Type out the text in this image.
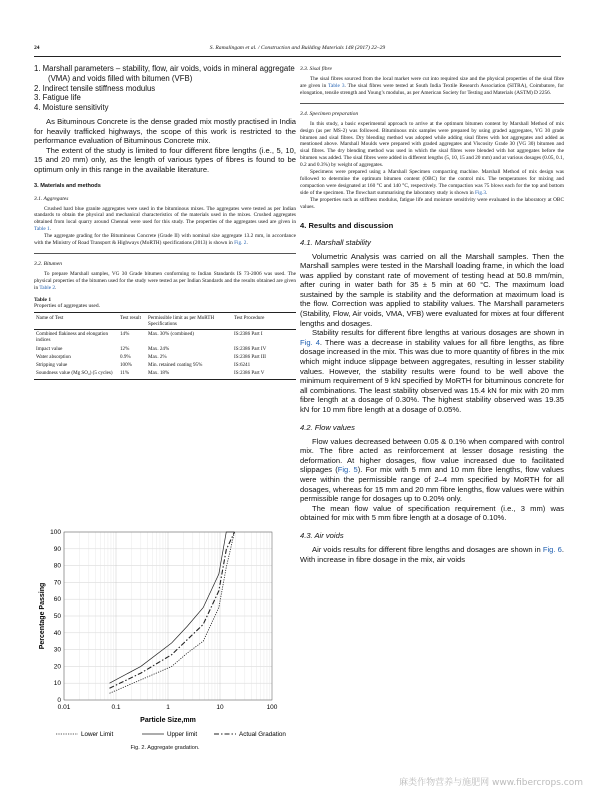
24	S. Ramalingam et al. / Construction and Building Materials 148 (2017) 22–29
1. Marshall parameters – stability, flow, air voids, voids in mineral aggregate (VMA) and voids filled with bitumen (VFB)
2. Indirect tensile stiffness modulus
3. Fatigue life
4. Moisture sensitivity

As Bituminous Concrete is the dense graded mix mostly practised in India for heavily trafficked highways, the scope of this work is restricted to the performance evaluation of Bituminous Concrete mix.

The extent of the study is limited to four different fibre lengths (i.e., 5, 10, 15 and 20 mm) only, as the length of various types of fibres is found to be optimum only in this range in the available literature.

3. Materials and methods
3.1. Aggregates

Crushed hard blue granite aggregates were used in the bituminous mixes. The aggregates were tested as per Indian standards to obtain the physical and mechanical characteristics of the materials used in the mixes. Crushed aggregates obtained from local quarry around Chennai were used for this study. The properties of the aggregates used are given in Table 1.

The aggregate grading for the Bituminous Concrete (Grade II) with nominal size aggregate 13.2 mm, in accordance with the Ministry of Road Transport & Highways (MoRTH) specifications (2013) is shown in Fig. 2.

3.2. Bitumen

To prepare Marshall samples, VG 30 Grade bitumen conforming to Indian Standards IS 73-2006 was used. The physical properties of the bitumen used for the study were tested as per Indian Standards and the results obtained are given in Table 2.

Table 1
Properties of aggregates used.
Name of Test	Test result	Permissible limit as per MoRTH Specifications	Test Procedure
Combined flakiness and elongation indices	14%	Max. 30% (combined)	IS:2386 Part I
Impact value	12%	Max. 24%	IS:2386 Part IV
Water absorption	0.9%	Max. 2%	IS:2386 Part III
Stripping value	100%	Min. retained coating 95%	IS:6241
Soundness value (Mg SO₄) (5 cycles)	11%	Max. 18%	IS:2386 Part V
0
10
20
30
40
50
60
70
80
90
100
0.01	0.1	1	10	100
Particle Size,mm
Percentage Passing
Lower Limit	Upper limit	Actual Gradation
Fig. 2. Aggregate gradation.
3.3. Sisal fibre

The sisal fibres sourced from the local market were cut into required size and the physical properties of the sisal fibre are given in Table 3. The sisal fibres were tested at South India Textile Research Association (SITRA), Coimbatore, for elongation, tensile strength and Young’s modulus, as per American Society for Testing and Materials (ASTM) D 2256.

3.4. Specimen preparation

In this study, a basic experimental approach to arrive at the optimum bitumen content by Marshall Method of mix design (as per MS-2) was followed. Bituminous mix samples were prepared by using graded aggregates, VG 30 grade bitumen and sisal fibres. Dry blending method was adopted while adding sisal fibres with hot aggregates and added as mentioned above. Marshall Moulds were prepared with graded aggregates and Viscosity Grade 30 (VG 30) bitumen and sisal fibres. The dry blending method was used in which the sisal fibres were blended with hot aggregates before the bitumen was added. The sisal fibres were added in different lengths (5, 10, 15 and 20 mm) and at various dosages (0.05, 0.1, 0.2 and 0.3%) by weight of aggregates.

Specimens were prepared using a Marshall Specimen compacting machine. Marshall Method of mix design was followed to determine the optimum bitumen content (OBC) for the control mix. The temperatures for mixing and compaction were designated at 160 °C and 140 °C, respectively. The compaction was 75 blows each for the top and bottom side of the specimen. The flowchart summarising the laboratory study is shown in Fig.3.

The properties such as stiffness modulus, fatigue life and moisture sensitivity were evaluated in the laboratory at OBC values.

4. Results and discussion
4.1. Marshall stability

Volumetric Analysis was carried on all the Marshall samples. Then the Marshall samples were tested in the Marshall loading frame, in which the load was applied by constant rate of movement of testing head at 50.8 mm/min, after curing in water bath for 35 ± 5 min at 60 °C. The maximum load sustained by the sample is stability and the deformation at maximum load is the flow. Correction was applied to stability values. The Marshall parameters (Stability, Flow, Air voids, VMA, VFB) were evaluated for mixes at four different lengths and dosages.

Stability results for different fibre lengths at various dosages are shown in Fig. 4. There was a decrease in stability values for all fibre lengths, as fibre dosage increased in the mix. This was due to more quantity of fibres in the mix which might induce slippage between aggregates, resulting in lesser stability values. However, the stability results were found to be well above the minimum requirement of 9 kN specified by MoRTH for bituminous concrete for all combinations. The least stability observed was 15.4 kN for mix with 20 mm fibre length at a dosage of 0.30%. The highest stability observed was 19.35 kN for 10 mm fibre length at a dosage of 0.05%.

4.2. Flow values

Flow values decreased between 0.05 & 0.1% when compared with control mix. The fibre acted as reinforcement at lesser dosage resisting the deformation. At higher dosages, flow value increased due to facilitated slippages (Fig. 5). For mix with 5 mm and 10 mm fibre lengths, flow values were within the permissible range of 2–4 mm specified by MoRTH for all dosages, whereas for 15 mm and 20 mm fibre lengths, flow values were within permissible range for dosages up to 0.20% only.

The mean flow value of specification requirement (i.e., 3 mm) was obtained for mix with 5 mm fibre length at a dosage of 0.10%.

4.3. Air voids

Air voids results for different fibre lengths and dosages are shown in Fig. 6. With increase in fibre dosage in the mix, air voids

麻类作物营养与施肥网 www.fibercrops.com
